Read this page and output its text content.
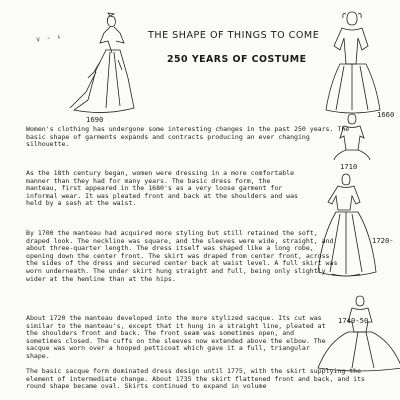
∨ - ↓	THE SHAPE OF THINGS TO COME
250 YEARS OF COSTUME
1690
1660
1710
1720-
1740-50

Women's clothing has undergone some interesting changes in the past 250 years. The basic shape of garments expands and contracts producing an ever changing silhouette.

As the 18th century began, women were dressing in a more comfortable manner than they had for many years. The basic dress form, the manteau, first appeared in the 1680's as a very loose garment for informal wear. It was pleated front and back at the shoulders and was held by a sash at the waist.

By 1700 the manteau had acquired more styling but still retained the soft, draped look. The neckline was square, and the sleeves were wide, straight, and about three-quarter length. The dress itself was shaped like a long robe, opening down the center front. The skirt was draped from center front, across the sides of the dress and secured center back at waist level. A full skirt was worn underneath. The under skirt hung straight and full, being only slightly wider at the hemline than at the hips.

About 1720 the manteau developed into the more stylized sacque. Its cut was similar to the manteau's, except that it hung in a straight line, pleated at the shoulders front and back. The front seam was sometimes open, and sometimes closed. The cuffs on the sleeves now extended above the elbow. The sacque was worn over a hooped petticoat which gave it a full, triangular shape.

The basic sacque form dominated dress design until 1775, with the skirt supplying the element of intermediate change. About 1735 the skirt flattened front and back, and its round shape became oval. Skirts continued to expand in volume
